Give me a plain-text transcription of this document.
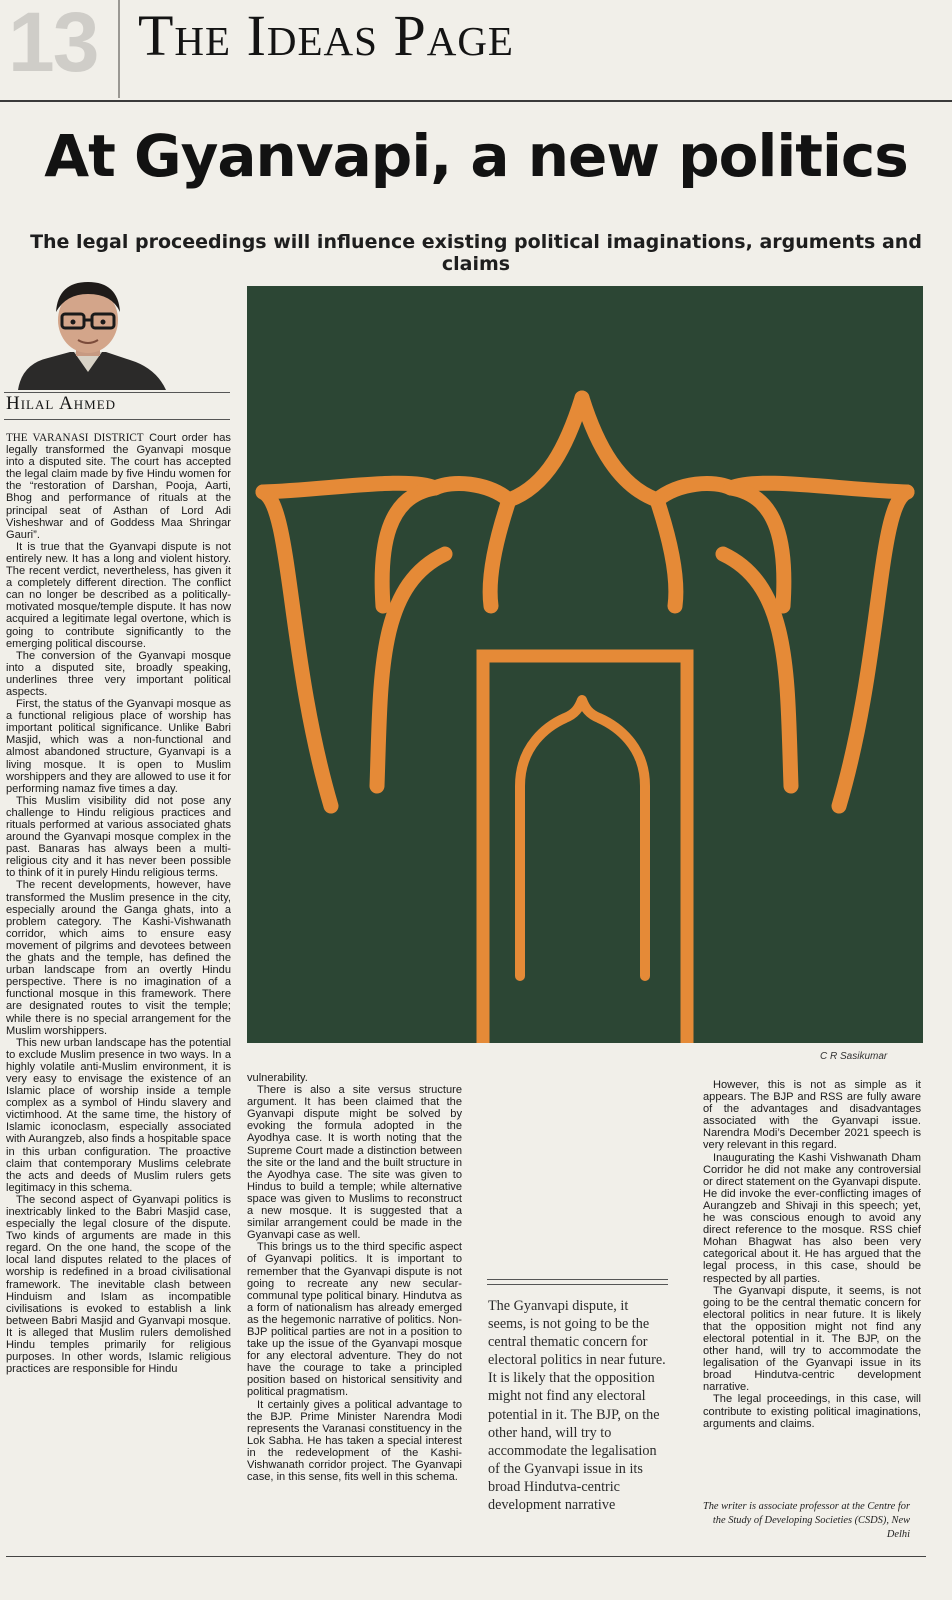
13 The Ideas Page
At Gyanvapi, a new politics
The legal proceedings will influence existing political imaginations, arguments and claims
Hilal Ahmed
C R Sasikumar

THE VARANASI DISTRICT Court order has legally transformed the Gyanvapi mosque into a disputed site. The court has accepted the legal claim made by five Hindu women for the “restoration of Darshan, Pooja, Aarti, Bhog and performance of rituals at the principal seat of Asthan of Lord Adi Visheshwar and of Goddess Maa Shringar Gauri”.

It is true that the Gyanvapi dispute is not entirely new. It has a long and violent history. The recent verdict, nevertheless, has given it a completely different direction. The conflict can no longer be described as a politically-motivated mosque/temple dispute. It has now acquired a legitimate legal overtone, which is going to contribute significantly to the emerging political discourse.

The conversion of the Gyanvapi mosque into a disputed site, broadly speaking, underlines three very important political aspects.

First, the status of the Gyanvapi mosque as a functional religious place of worship has important political significance. Unlike Babri Masjid, which was a non-functional and almost abandoned structure, Gyanvapi is a living mosque. It is open to Muslim worshippers and they are allowed to use it for performing namaz five times a day.

This Muslim visibility did not pose any challenge to Hindu religious practices and rituals performed at various associated ghats around the Gyanvapi mosque complex in the past. Banaras has always been a multi-religious city and it has never been possible to think of it in purely Hindu religious terms.

The recent developments, however, have transformed the Muslim presence in the city, especially around the Ganga ghats, into a problem category. The Kashi-Vishwanath corridor, which aims to ensure easy movement of pilgrims and devotees between the ghats and the temple, has defined the urban landscape from an overtly Hindu perspective. There is no imagination of a functional mosque in this framework. There are designated routes to visit the temple; while there is no special arrangement for the Muslim worshippers.

This new urban landscape has the potential to exclude Muslim presence in two ways. In a highly volatile anti-Muslim environment, it is very easy to envisage the existence of an Islamic place of worship inside a temple complex as a symbol of Hindu slavery and victimhood. At the same time, the history of Islamic iconoclasm, especially associated with Aurangzeb, also finds a hospitable space in this urban configuration. The proactive claim that contemporary Muslims celebrate the acts and deeds of Muslim rulers gets legitimacy in this schema.

The second aspect of Gyanvapi politics is inextricably linked to the Babri Masjid case, especially the legal closure of the dispute. Two kinds of arguments are made in this regard. On the one hand, the scope of the local land disputes related to the places of worship is redefined in a broad civilisational framework. The inevitable clash between Hinduism and Islam as incompatible civilisations is evoked to establish a link between Babri Masjid and Gyanvapi mosque. It is alleged that Muslim rulers demolished Hindu temples primarily for religious purposes. In other words, Islamic religious practices are responsible for Hindu

vulnerability.

There is also a site versus structure argument. It has been claimed that the Gyanvapi dispute might be solved by evoking the formula adopted in the Ayodhya case. It is worth noting that the Supreme Court made a distinction between the site or the land and the built structure in the Ayodhya case. The site was given to Hindus to build a temple; while alternative space was given to Muslims to reconstruct a new mosque. It is suggested that a similar arrangement could be made in the Gyanvapi case as well.

This brings us to the third specific aspect of Gyanvapi politics. It is important to remember that the Gyanvapi dispute is not going to recreate any new secular-communal type political binary. Hindutva as a form of nationalism has already emerged as the hegemonic narrative of politics. Non-BJP political parties are not in a position to take up the issue of the Gyanvapi mosque for any electoral adventure. They do not have the courage to take a principled position based on historical sensitivity and political pragmatism.

It certainly gives a political advantage to the BJP. Prime Minister Narendra Modi represents the Varanasi constituency in the Lok Sabha. He has taken a special interest in the redevelopment of the Kashi-Vishwanath corridor project. The Gyanvapi case, in this sense, fits well in this schema.

The Gyanvapi dispute, it seems, is not going to be the central thematic concern for electoral politics in near future. It is likely that the opposition might not find any electoral potential in it. The BJP, on the other hand, will try to accommodate the legalisation of the Gyanvapi issue in its broad Hindutva-centric development narrative

However, this is not as simple as it appears. The BJP and RSS are fully aware of the advantages and disadvantages associated with the Gyanvapi issue. Narendra Modi’s December 2021 speech is very relevant in this regard.

Inaugurating the Kashi Vishwanath Dham Corridor he did not make any controversial or direct statement on the Gyanvapi dispute. He did invoke the ever-conflicting images of Aurangzeb and Shivaji in this speech; yet, he was conscious enough to avoid any direct reference to the mosque. RSS chief Mohan Bhagwat has also been very categorical about it. He has argued that the legal process, in this case, should be respected by all parties.

The Gyanvapi dispute, it seems, is not going to be the central thematic concern for electoral politics in near future. It is likely that the opposition might not find any electoral potential in it. The BJP, on the other hand, will try to accommodate the legalisation of the Gyanvapi issue in its broad Hindutva-centric development narrative.

The legal proceedings, in this case, will contribute to existing political imaginations, arguments and claims.

The writer is associate professor at the Centre for the Study of Developing Societies (CSDS), New Delhi
